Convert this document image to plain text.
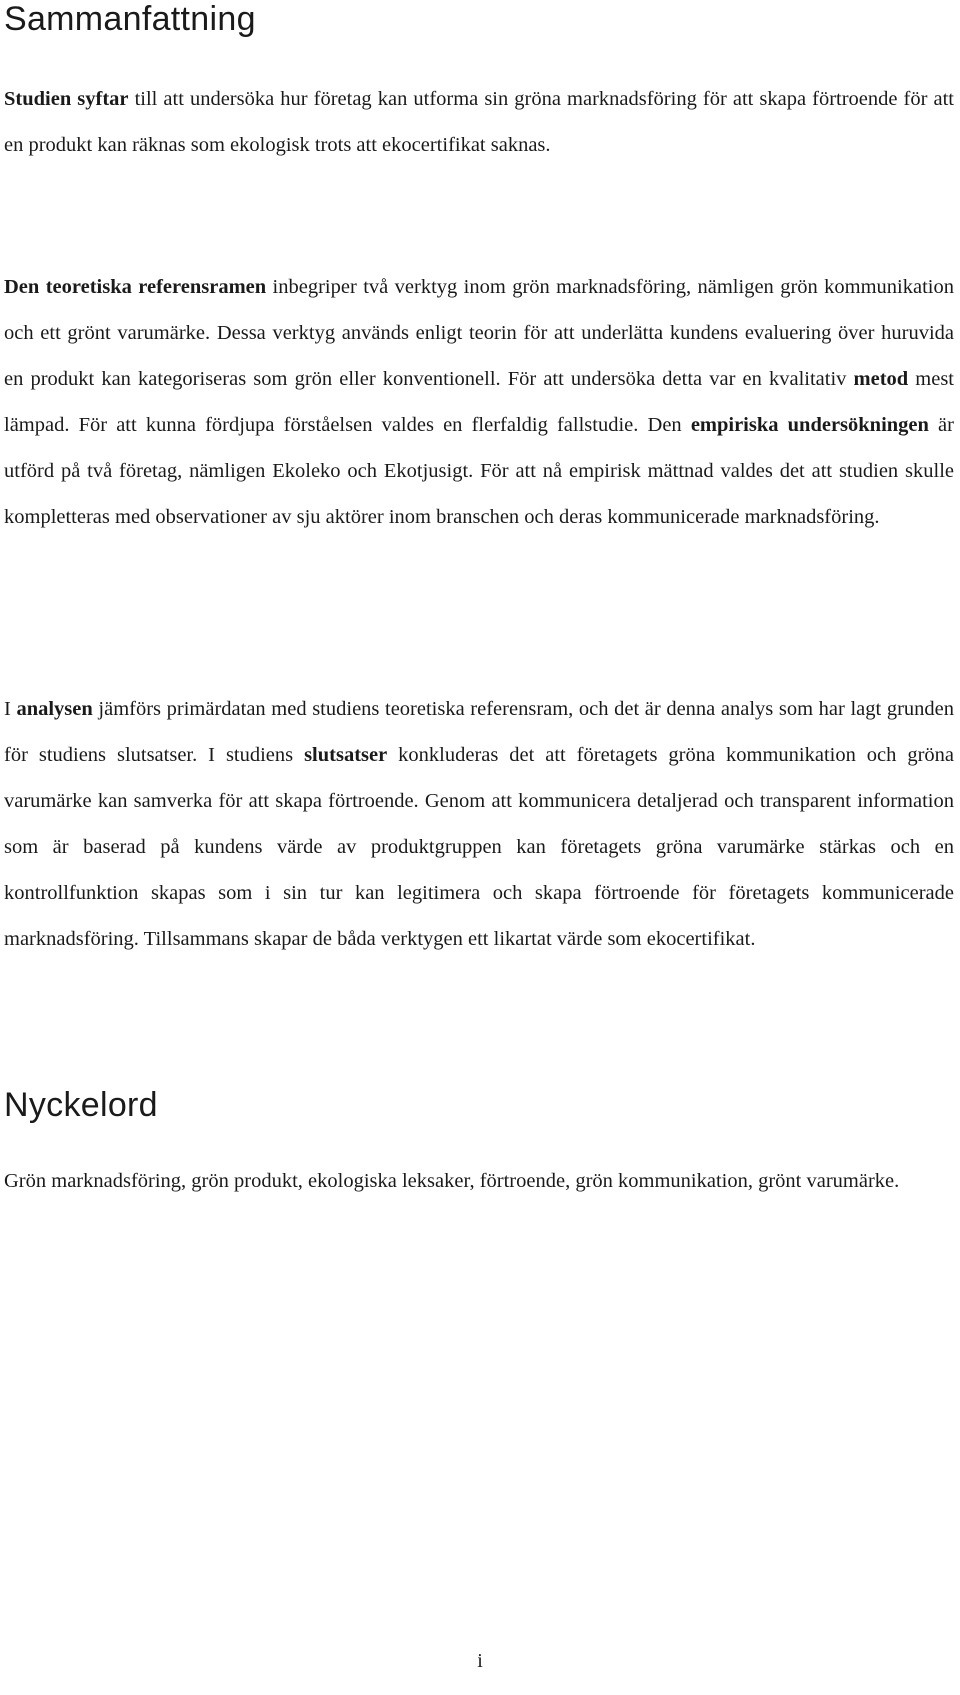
Sammanfattning

Studien syftar till att undersöka hur företag kan utforma sin gröna marknadsföring för att skapa förtroende för att en produkt kan räknas som ekologisk trots att ekocertifikat saknas.

Den teoretiska referensramen inbegriper två verktyg inom grön marknadsföring, nämligen grön kommunikation och ett grönt varumärke. Dessa verktyg används enligt teorin för att underlätta kundens evaluering över huruvida en produkt kan kategoriseras som grön eller konventionell. För att undersöka detta var en kvalitativ metod mest lämpad. För att kunna fördjupa förståelsen valdes en flerfaldig fallstudie. Den empiriska undersökningen är utförd på två företag, nämligen Ekoleko och Ekotjusigt. För att nå empirisk mättnad valdes det att studien skulle kompletteras med observationer av sju aktörer inom branschen och deras kommunicerade marknadsföring.

I analysen jämförs primärdatan med studiens teoretiska referensram, och det är denna analys som har lagt grunden för studiens slutsatser. I studiens slutsatser konkluderas det att företagets gröna kommunikation och gröna varumärke kan samverka för att skapa förtroende. Genom att kommunicera detaljerad och transparent information som är baserad på kundens värde av produktgruppen kan företagets gröna varumärke stärkas och en kontrollfunktion skapas som i sin tur kan legitimera och skapa förtroende för företagets kommunicerade marknadsföring. Tillsammans skapar de båda verktygen ett likartat värde som ekocertifikat.

Nyckelord

Grön marknadsföring, grön produkt, ekologiska leksaker, förtroende, grön kommunikation, grönt varumärke.

i
